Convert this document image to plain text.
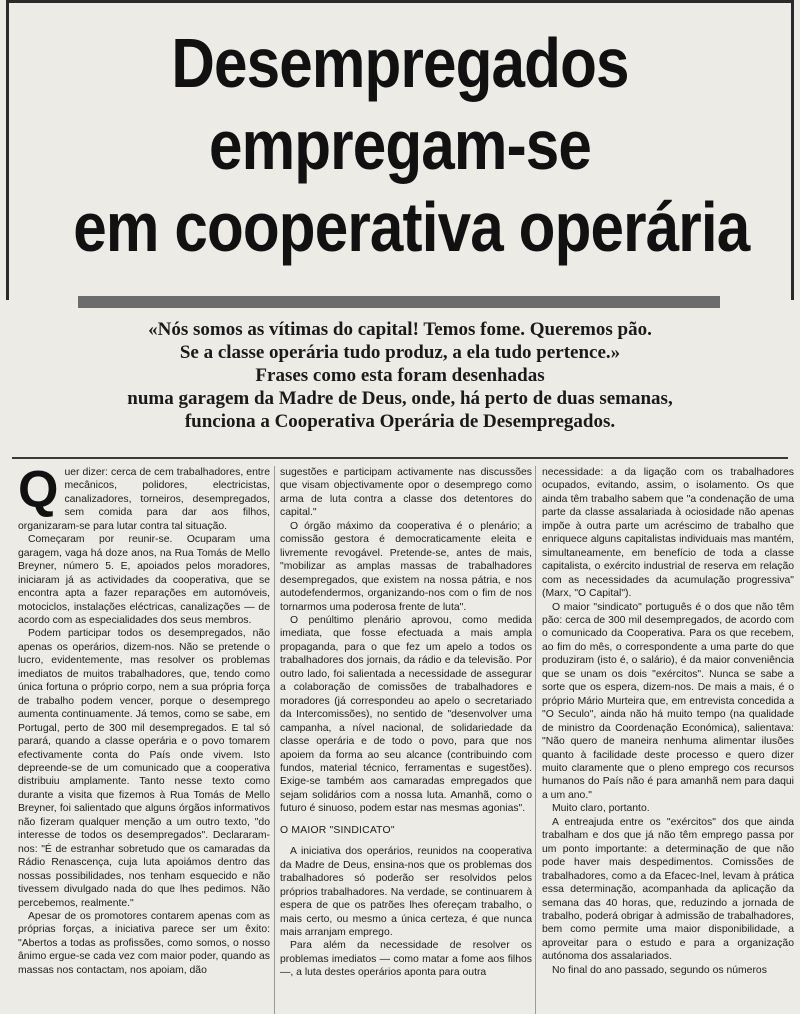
Desempregados
empregam-se
em cooperativa operária
«Nós somos as vítimas do capital! Temos fome. Queremos pão.
Se a classe operária tudo produz, a ela tudo pertence.»
Frases como esta foram desenhadas
numa garagem da Madre de Deus, onde, há perto de duas semanas,
funciona a Cooperativa Operária de Desempregados.

Quer dizer: cerca de cem trabalhadores, entre mecânicos, polidores, electricistas, canalizadores, torneiros, desempregados, sem comida para dar aos filhos, organizaram-se para lutar contra tal situação.

Começaram por reunir-se. Ocuparam uma garagem, vaga há doze anos, na Rua Tomás de Mello Breyner, número 5. E, apoiados pelos moradores, iniciaram já as actividades da cooperativa, que se encontra apta a fazer reparações em automóveis, motociclos, instalações eléctricas, canalizações — de acordo com as especialidades dos seus membros.

Podem participar todos os desempregados, não apenas os operários, dizem-nos. Não se pretende o lucro, evidentemente, mas resolver os problemas imediatos de muitos trabalhadores, que, tendo como única fortuna o próprio corpo, nem a sua própria força de trabalho podem vencer, porque o desemprego aumenta continuamente. Já temos, como se sabe, em Portugal, perto de 300 mil desempregados. E tal só parará, quando a classe operária e o povo tomarem efectivamente conta do País onde vivem. Isto depreende-se de um comunicado que a cooperativa distribuiu amplamente. Tanto nesse texto como durante a visita que fizemos à Rua Tomás de Mello Breyner, foi salientado que alguns órgãos informativos não fizeram qualquer menção a um outro texto, "do interesse de todos os desempregados". Declararam-nos: "É de estranhar sobretudo que os camaradas da Rádio Renascença, cuja luta apoiámos dentro das nossas possibilidades, nos tenham esquecido e não tivessem divulgado nada do que lhes pedimos. Não percebemos, realmente."

Apesar de os promotores contarem apenas com as próprias forças, a iniciativa parece ser um êxito: "Abertos a todas as profissões, como somos, o nosso ânimo ergue-se cada vez com maior poder, quando as massas nos contactam, nos apoiam, dão

sugestões e participam activamente nas discussões que visam objectivamente opor o desemprego como arma de luta contra a classe dos detentores do capital."

O órgão máximo da cooperativa é o plenário; a comissão gestora é democraticamente eleita e livremente revogável. Pretende-se, antes de mais, "mobilizar as amplas massas de trabalhadores desempregados, que existem na nossa pátria, e nos autodefendermos, organizando-nos com o fim de nos tornarmos uma poderosa frente de luta".

O penúltimo plenário aprovou, como medida imediata, que fosse efectuada a mais ampla propaganda, para o que fez um apelo a todos os trabalhadores dos jornais, da rádio e da televisão. Por outro lado, foi salientada a necessidade de assegurar a colaboração de comissões de trabalhadores e moradores (já correspondeu ao apelo o secretariado da Intercomissões), no sentido de "desenvolver uma campanha, a nível nacional, de solidariedade da classe operária e de todo o povo, para que nos apoiem da forma ao seu alcance (contribuindo com fundos, material técnico, ferramentas e sugestões). Exige-se também aos camaradas empregados que sejam solidários com a nossa luta. Amanhã, como o futuro é sinuoso, podem estar nas mesmas agonias".

O MAIOR "SINDICATO"

A iniciativa dos operários, reunidos na cooperativa da Madre de Deus, ensina-nos que os problemas dos trabalhadores só poderão ser resolvidos pelos próprios trabalhadores. Na verdade, se continuarem à espera de que os patrões lhes ofereçam trabalho, o mais certo, ou mesmo a única certeza, é que nunca mais arranjam emprego.

Para além da necessidade de resolver os problemas imediatos — como matar a fome aos filhos —, a luta destes operários aponta para outra

necessidade: a da ligação com os trabalhadores ocupados, evitando, assim, o isolamento. Os que ainda têm trabalho sabem que "a condenação de uma parte da classe assalariada à ociosidade não apenas impõe à outra parte um acréscimo de trabalho que enriquece alguns capitalistas individuais mas mantém, simultaneamente, em benefício de toda a classe capitalista, o exército industrial de reserva em relação com as necessidades da acumulação progressiva" (Marx, "O Capital").

O maior "sindicato" português é o dos que não têm pão: cerca de 300 mil desempregados, de acordo com o comunicado da Cooperativa. Para os que recebem, ao fim do mês, o correspondente a uma parte do que produziram (isto é, o salário), é da maior conveniência que se unam os dois "exércitos". Nunca se sabe a sorte que os espera, dizem-nos. De mais a mais, é o próprio Mário Murteira que, em entrevista concedida a "O Seculo", ainda não há muito tempo (na qualidade de ministro da Coordenação Económica), salientava: "Não quero de maneira nenhuma alimentar ilusões quanto à facilidade deste processo e quero dizer muito claramente que o pleno emprego cos recursos humanos do País não é para amanhã nem para daqui a um ano."

Muito claro, portanto.

A entreajuda entre os "exércitos" dos que ainda trabalham e dos que já não têm emprego passa por um ponto importante: a determinação de que não pode haver mais despedimentos. Comissões de trabalhadores, como a da Efacec-Inel, levam à prática essa determinação, acompanhada da aplicação da semana das 40 horas, que, reduzindo a jornada de trabalho, poderá obrigar à admissão de trabalhadores, bem como permite uma maior disponibilidade, a aproveitar para o estudo e para a organização autónoma dos assalariados.

No final do ano passado, segundo os números
